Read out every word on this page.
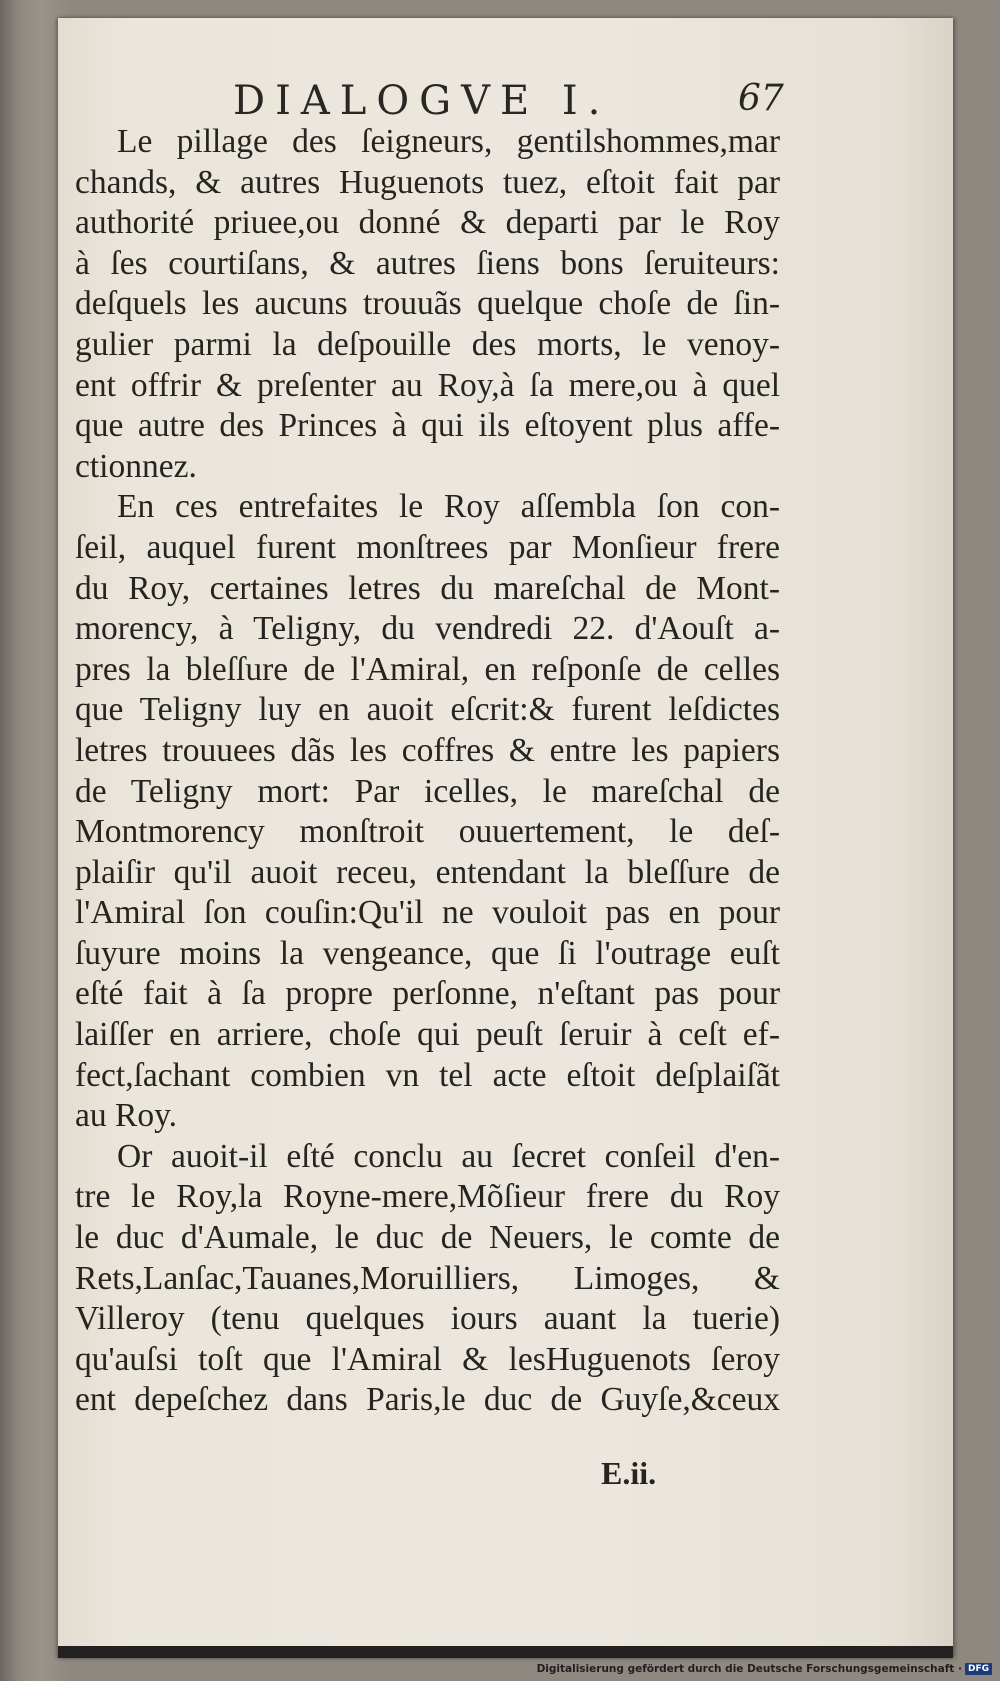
DIALOGVE I.	67
Le pillage des ſeigneurs, gentilshommes,mar
chands, & autres Huguenots tuez, eſtoit fait par
authorité priuee,ou donné & departi par le Roy
à ſes courtiſans, & autres ſiens bons ſeruiteurs:
deſquels les aucuns trouuãs quelque choſe de ſin-
gulier parmi la deſpouille des morts, le venoy-
ent offrir & preſenter au Roy,à ſa mere,ou à quel
que autre des Princes à qui ils eſtoyent plus affe-
ctionnez.
En ces entrefaites le Roy aſſembla ſon con-
ſeil, auquel furent monſtrees par Monſieur frere
du Roy, certaines letres du mareſchal de Mont-
morency, à Teligny, du vendredi 22. d'Aouſt a-
pres la bleſſure de l'Amiral, en reſponſe de celles
que Teligny luy en auoit eſcrit:& furent leſdictes
letres trouuees dãs les coffres & entre les papiers
de Teligny mort: Par icelles, le mareſchal de
Montmorency monſtroit ouuertement, le deſ-
plaiſir qu'il auoit receu, entendant la bleſſure de
l'Amiral ſon couſin:Qu'il ne vouloit pas en pour
ſuyure moins la vengeance, que ſi l'outrage euſt
eſté fait à ſa propre perſonne, n'eſtant pas pour
laiſſer en arriere, choſe qui peuſt ſeruir à ceſt ef-
fect,ſachant combien vn tel acte eſtoit deſplaiſãt
au Roy.
Or auoit-il eſté conclu au ſecret conſeil d'en-
tre le Roy,la Royne-mere,Mõſieur frere du Roy
le duc d'Aumale, le duc de Neuers, le comte de
Rets,Lanſac,Tauanes,Moruilliers, Limoges, &
Villeroy (tenu quelques iours auant la tuerie)
qu'auſsi toſt que l'Amiral & lesHuguenots ſeroy
ent depeſchez dans Paris,le duc de Guyſe,&ceux
E.ii.
Digitalisierung gefördert durch die Deutsche Forschungsgemeinschaft · DFG
